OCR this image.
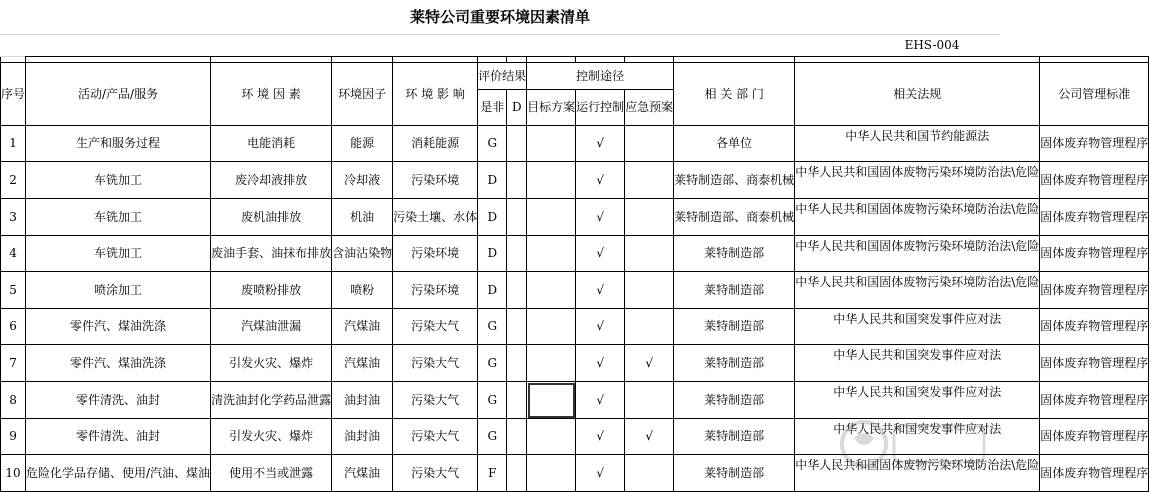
莱特公司重要环境因素清单
EHS-004

序号	活动/产品/服务	环 境 因 素	环境因子	环 境 影 响	评价结果		控制途径			相 关 部 门	相关法规	公司管理标准
					是非	D	目标方案	运行控制	应急预案			
1	生产和服务过程	电能消耗	能源	消耗能源	G			√		各单位	中华人民共和国节约能源法	固体废弃物管理程序
2	车铣加工	废冷却液排放	冷却液	污染环境	D			√		莱特制造部、商泰机械	中华人民共和国固体废物污染环境防治法\危险	固体废弃物管理程序
3	车铣加工	废机油排放	机油	污染土壤、水体	D			√		莱特制造部、商泰机械	中华人民共和国固体废物污染环境防治法\危险	固体废弃物管理程序
4	车铣加工	废油手套、油抹布排放	含油沾染物	污染环境	D			√		莱特制造部	中华人民共和国固体废物污染环境防治法\危险	固体废弃物管理程序
5	喷涂加工	废喷粉排放	喷粉	污染环境	D			√		莱特制造部	中华人民共和国固体废物污染环境防治法\危险	固体废弃物管理程序
6	零件汽、煤油洗涤	汽煤油泄漏	汽煤油	污染大气	G			√		莱特制造部	中华人民共和国突发事件应对法	固体废弃物管理程序
7	零件汽、煤油洗涤	引发火灾、爆炸	汽煤油	污染大气	G			√	√	莱特制造部	中华人民共和国突发事件应对法	固体废弃物管理程序
8	零件清洗、油封	清洗油封化学药品泄露	油封油	污染大气	G			√		莱特制造部	中华人民共和国突发事件应对法	固体废弃物管理程序
9	零件清洗、油封	引发火灾、爆炸	油封油	污染大气	G			√	√	莱特制造部	中华人民共和国突发事件应对法	固体废弃物管理程序
10	危险化学品存储、使用/汽油、煤油	使用不当或泄露	汽煤油	污染大气	F			√		莱特制造部	中华人民共和国固体废物污染环境防治法\危险	固体废弃物管理程序
